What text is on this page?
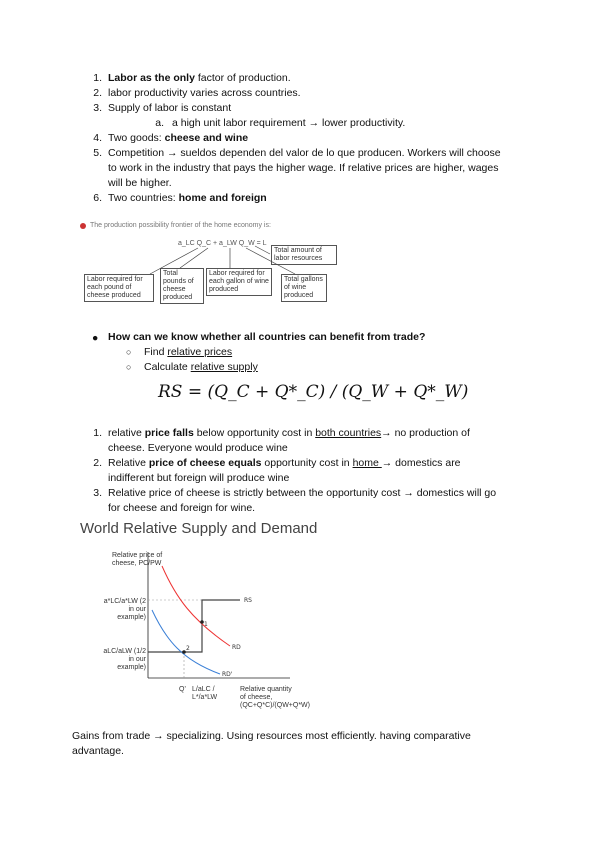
1. Labor as the only factor of production.
2. labor productivity varies across countries.
3. Supply of labor is constant
a. a high unit labor requirement → lower productivity.
4. Two goods: cheese and wine
5. Competition → sueldos dependen del valor de lo que producen. Workers will choose
to work in the industry that pays the higher wage. If relative prices are higher, wages
will be higher.
6. Two countries: home and foreign
The production possibility frontier of the home economy is:
a_LC Q_C + a_LW Q_W = L
Total amount of labor resources
Labor required for each pound of cheese produced
Total pounds of cheese produced
Labor required for each gallon of wine produced
Total gallons of wine produced
● How can we know whether all countries can benefit from trade?
○ Find relative prices
○ Calculate relative supply
RS = (Q_C + Q*_C) / (Q_W + Q*_W)
1. relative price falls below opportunity cost in both countries→ no production of
cheese. Everyone would produce wine
2. Relative price of cheese equals opportunity cost in home → domestics are
indifferent but foreign will produce wine
3. Relative price of cheese is strictly between the opportunity cost → domestics will go
for cheese and foreign for wine.
World Relative Supply and Demand
Relative price of cheese, PC/PW
a*LC/a*LW (2 in our example)
aLC/aLW (1/2 in our example)
Q' L/aLC / L*/a*LW
Relative quantity of cheese, (QC+Q*C)/(QW+Q*W)
RS
RD
RD'
1
2
Gains from trade → specializing. Using resources most efficiently. having comparative
advantage.
